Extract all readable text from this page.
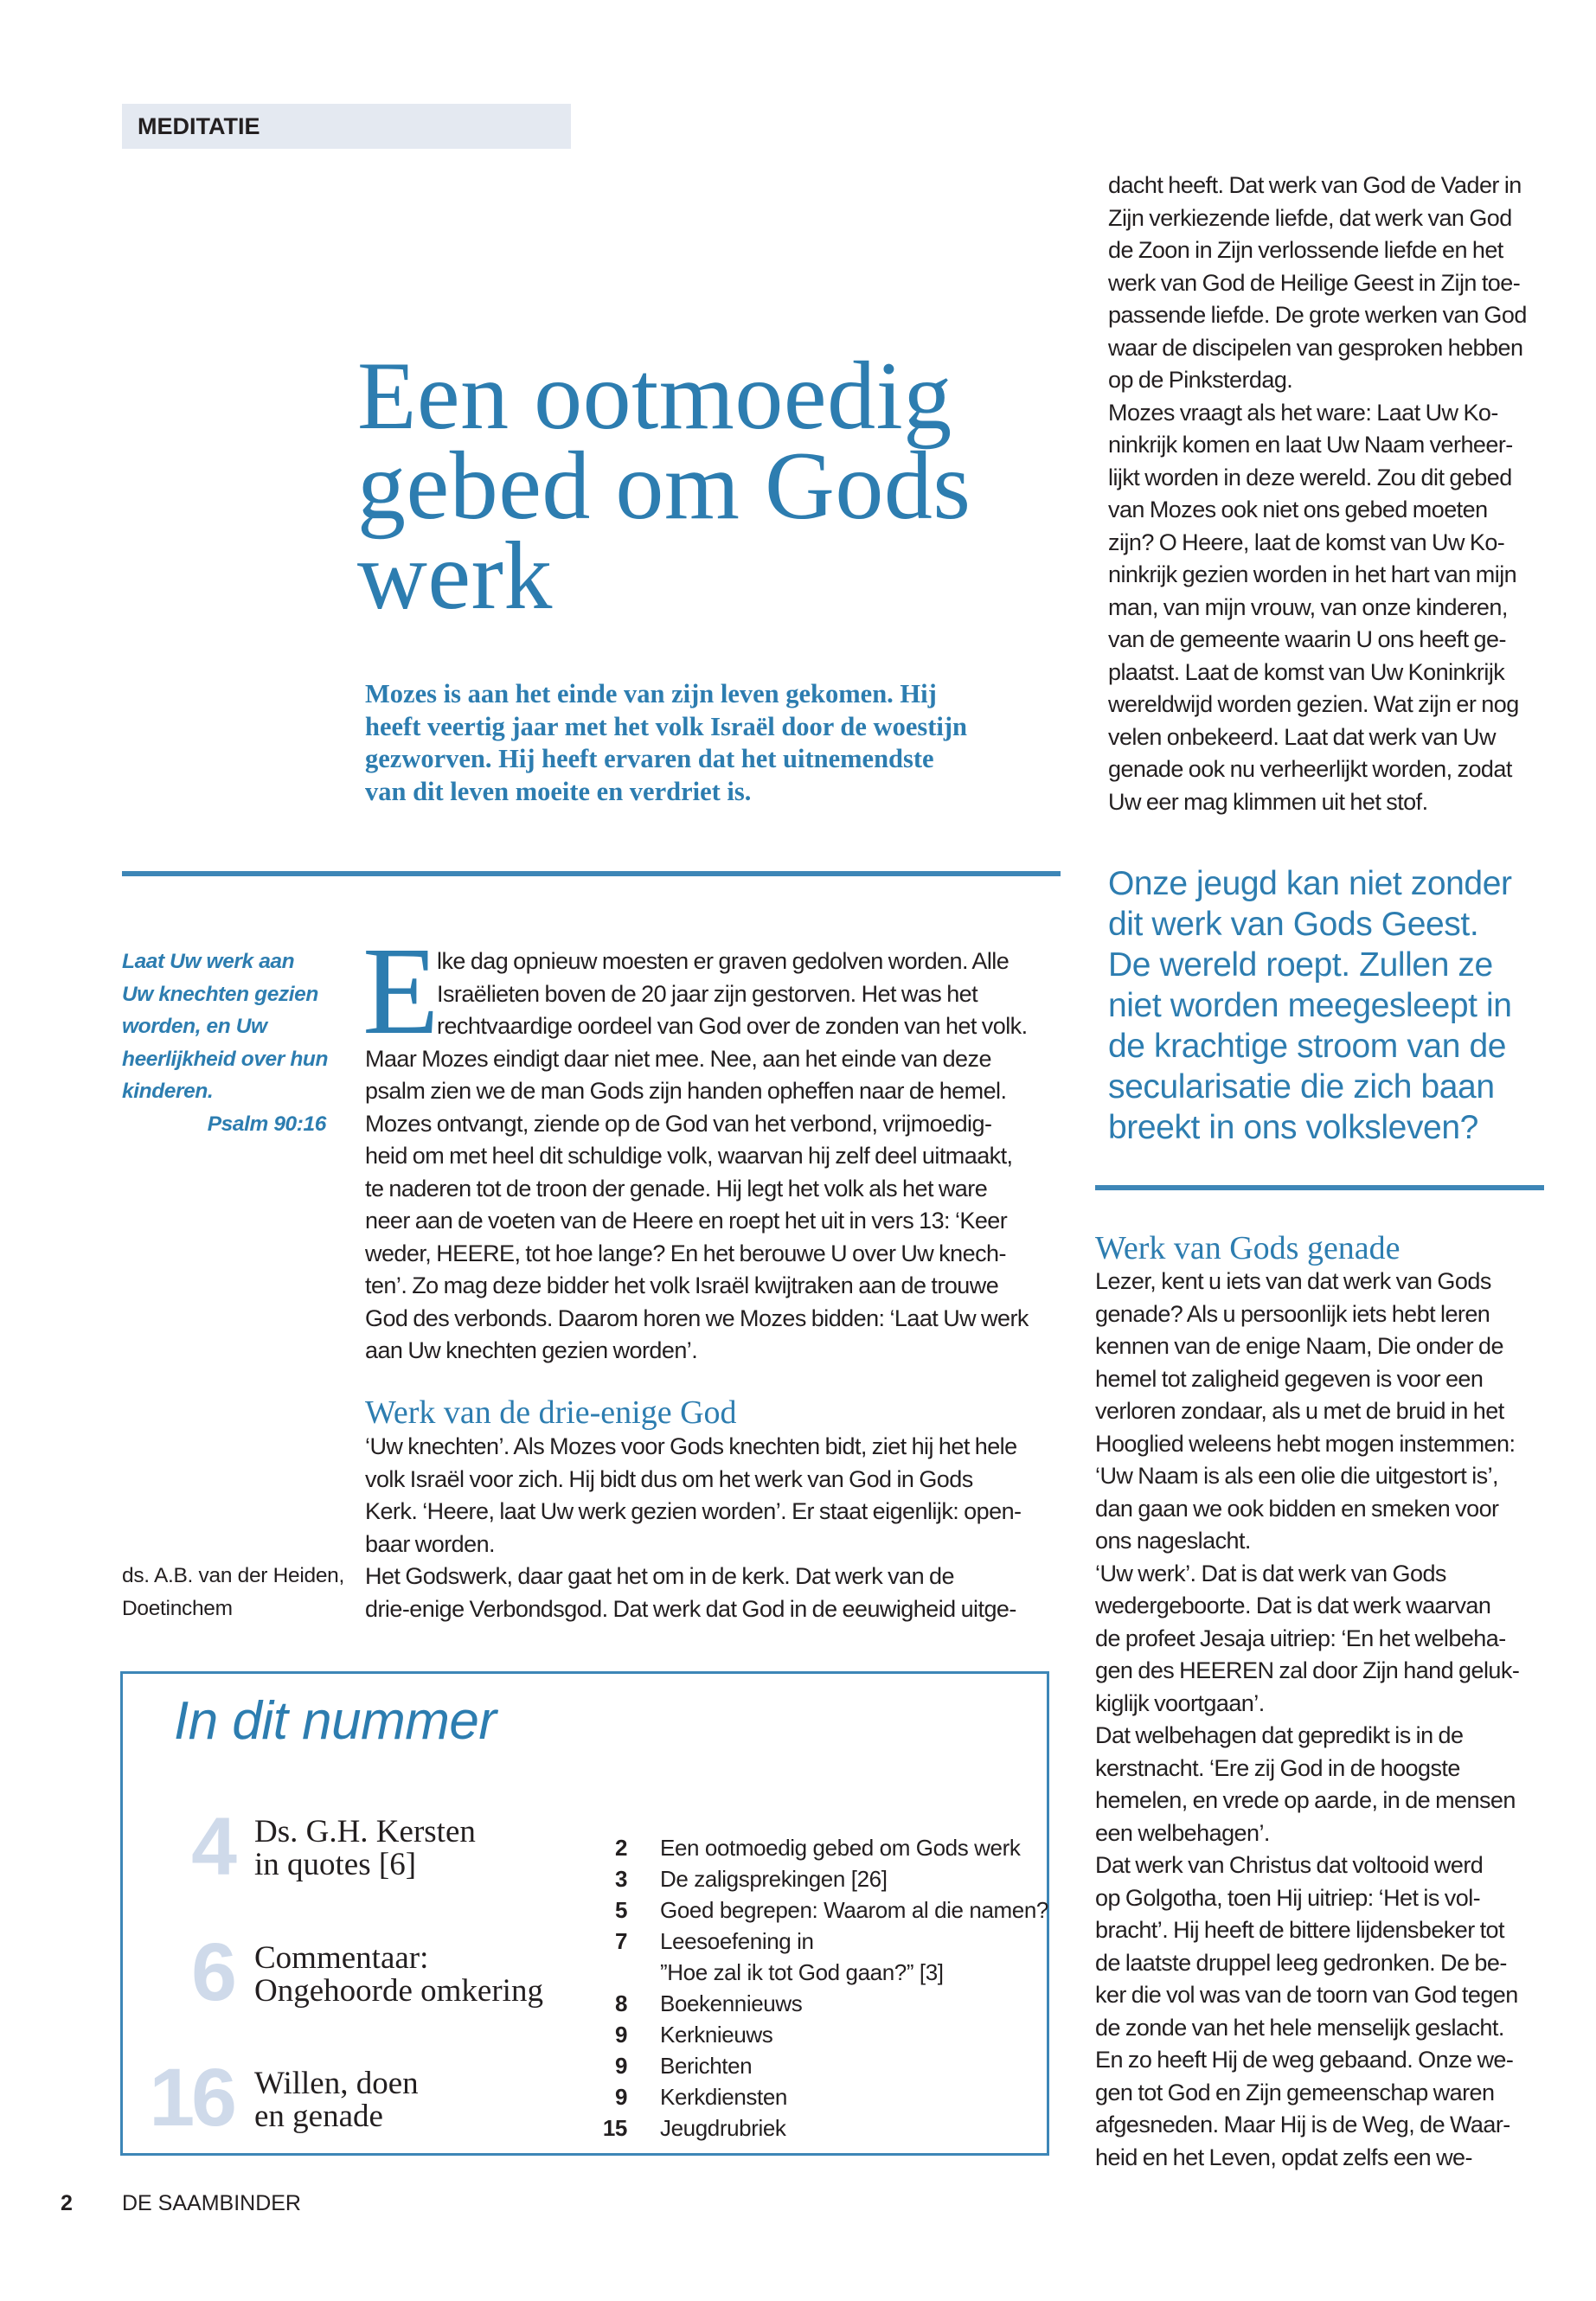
MEDITATIE
Een ootmoedig
gebed om Gods
werk

Mozes is aan het einde van zijn leven gekomen. Hij
heeft veertig jaar met het volk Israël door de woestijn
gezworven. Hij heeft ervaren dat het uitnemendste
van dit leven moeite en verdriet is.

dacht heeft. Dat werk van God de Vader in
Zijn verkiezende liefde, dat werk van God
de Zoon in Zijn verlossende liefde en het
werk van God de Heilige Geest in Zijn toe-
passende liefde. De grote werken van God
waar de discipelen van gesproken hebben
op de Pinksterdag.
Mozes vraagt als het ware: Laat Uw Ko-
ninkrijk komen en laat Uw Naam verheer-
lijkt worden in deze wereld. Zou dit gebed
van Mozes ook niet ons gebed moeten
zijn? O Heere, laat de komst van Uw Ko-
ninkrijk gezien worden in het hart van mijn
man, van mijn vrouw, van onze kinderen,
van de gemeente waarin U ons heeft ge-
plaatst. Laat de komst van Uw Koninkrijk
wereldwijd worden gezien. Wat zijn er nog
velen onbekeerd. Laat dat werk van Uw
genade ook nu verheerlijkt worden, zodat
Uw eer mag klimmen uit het stof.

Laat Uw werk aan
Uw knechten gezien
worden, en Uw
heerlijkheid over hun
kinderen.
Psalm 90:16

ds. A.B. van der Heiden,
Doetinchem

E

lke dag opnieuw moesten er graven gedolven worden. Alle
Israëlieten boven de 20 jaar zijn gestorven. Het was het
rechtvaardige oordeel van God over de zonden van het volk.
Maar Mozes eindigt daar niet mee. Nee, aan het einde van deze
psalm zien we de man Gods zijn handen opheffen naar de hemel.
Mozes ontvangt, ziende op de God van het verbond, vrijmoedig-
heid om met heel dit schuldige volk, waarvan hij zelf deel uitmaakt,
te naderen tot de troon der genade. Hij legt het volk als het ware
neer aan de voeten van de Heere en roept het uit in vers 13: ‘Keer
weder, HEERE, tot hoe lange? En het berouwe U over Uw knech-
ten’. Zo mag deze bidder het volk Israël kwijtraken aan de trouwe
God des verbonds. Daarom horen we Mozes bidden: ‘Laat Uw werk
aan Uw knechten gezien worden’.

Werk van de drie-enige God

‘Uw knechten’. Als Mozes voor Gods knechten bidt, ziet hij het hele
volk Israël voor zich. Hij bidt dus om het werk van God in Gods
Kerk. ‘Heere, laat Uw werk gezien worden’. Er staat eigenlijk: open-
baar worden.
Het Godswerk, daar gaat het om in de kerk. Dat werk van de
drie-enige Verbondsgod. Dat werk dat God in de eeuwigheid uitge-

Onze jeugd kan niet zonder
dit werk van Gods Geest.
De wereld roept. Zullen ze
niet worden meegesleept in
de krachtige stroom van de
secularisatie die zich baan
breekt in ons volksleven?

Werk van Gods genade

Lezer, kent u iets van dat werk van Gods
genade? Als u persoonlijk iets hebt leren
kennen van de enige Naam, Die onder de
hemel tot zaligheid gegeven is voor een
verloren zondaar, als u met de bruid in het
Hooglied weleens hebt mogen instemmen:
‘Uw Naam is als een olie die uitgestort is’,
dan gaan we ook bidden en smeken voor
ons nageslacht.
‘Uw werk’. Dat is dat werk van Gods
wedergeboorte. Dat is dat werk waarvan
de profeet Jesaja uitriep: ‘En het welbeha-
gen des HEEREN zal door Zijn hand geluk-
kiglijk voortgaan’.
Dat welbehagen dat gepredikt is in de
kerstnacht. ‘Ere zij God in de hoogste
hemelen, en vrede op aarde, in de mensen
een welbehagen’.
Dat werk van Christus dat voltooid werd
op Golgotha, toen Hij uitriep: ‘Het is vol-
bracht’. Hij heeft de bittere lijdensbeker tot
de laatste druppel leeg gedronken. De be-
ker die vol was van de toorn van God tegen
de zonde van het hele menselijk geslacht.
En zo heeft Hij de weg gebaand. Onze we-
gen tot God en Zijn gemeenschap waren
afgesneden. Maar Hij is de Weg, de Waar-
heid en het Leven, opdat zelfs een we-

In dit nummer
4 Ds. G.H. Kersten
in quotes [6]

6 Commentaar:
Ongehoorde omkering

16 Willen, doen
en genade

2 Een ootmoedig gebed om Gods werk
3 De zaligsprekingen [26]
5 Goed begrepen: Waarom al die namen?
7 Leesoefening in
”Hoe zal ik tot God gaan?” [3]
8 Boekennieuws
9 Kerknieuws
9 Berichten
9 Kerkdiensten
15 Jeugdrubriek
2 DE SAAMBINDER
